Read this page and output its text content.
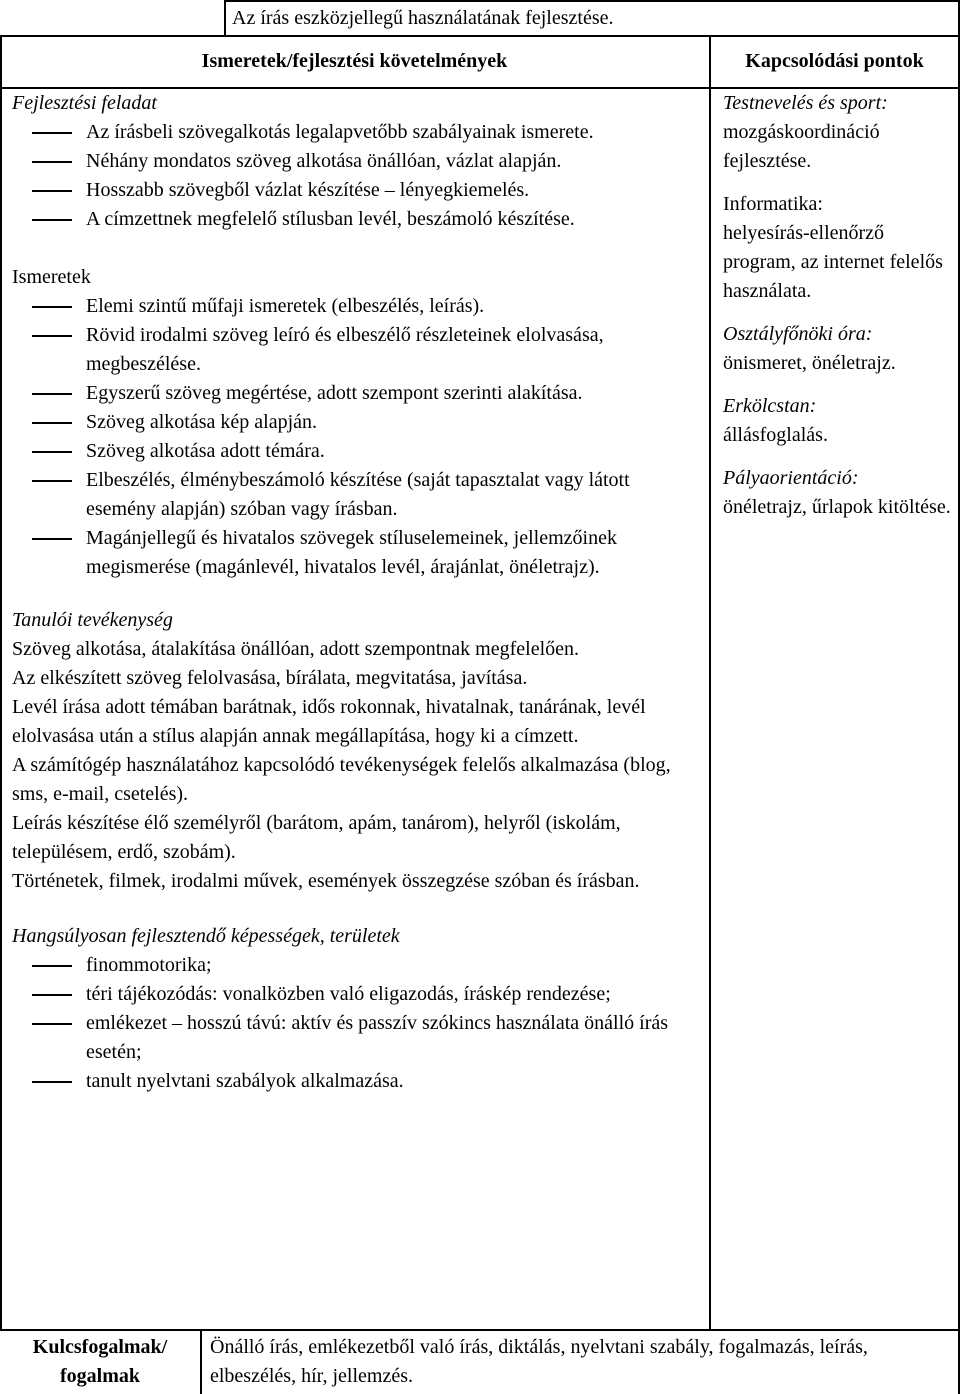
Az írás eszközjellegű használatának fejlesztése.
Ismeretek/fejlesztési követelmények	Kapcsolódási pontok
Fejlesztési feladat
Az írásbeli szövegalkotás legalapvetőbb szabályainak ismerete.
Néhány mondatos szöveg alkotása önállóan, vázlat alapján.
Hosszabb szövegből vázlat készítése – lényegkiemelés.
A címzettnek megfelelő stílusban levél, beszámoló készítése.
Ismeretek
Elemi szintű műfaji ismeretek (elbeszélés, leírás).
Rövid irodalmi szöveg leíró és elbeszélő részleteinek elolvasása, megbeszélése.
Egyszerű szöveg megértése, adott szempont szerinti alakítása.
Szöveg alkotása kép alapján.
Szöveg alkotása adott témára.
Elbeszélés, élménybeszámoló készítése (saját tapasztalat vagy látott esemény alapján) szóban vagy írásban.
Magánjellegű és hivatalos szövegek stíluselemeinek, jellemzőinek megismerése (magánlevél, hivatalos levél, árajánlat, önéletrajz).
Tanulói tevékenység

Szöveg alkotása, átalakítása önállóan, adott szempontnak megfelelően.

Az elkészített szöveg felolvasása, bírálata, megvitatása, javítása.

Levél írása adott témában barátnak, idős rokonnak, hivatalnak, tanárának, levél elolvasása után a stílus alapján annak megállapítása, hogy ki a címzett.

A számítógép használatához kapcsolódó tevékenységek felelős alkalmazása (blog, sms, e-mail, csetelés).

Leírás készítése élő személyről (barátom, apám, tanárom), helyről (iskolám, településem, erdő, szobám).

Történetek, filmek, irodalmi művek, események összegzése szóban és írásban.

Hangsúlyosan fejlesztendő képességek, területek
finommotorika;
téri tájékozódás: vonalközben való eligazodás, íráskép rendezése;
emlékezet – hosszú távú: aktív és passzív szókincs használata önálló írás esetén;
tanult nyelvtani szabályok alkalmazása.
Testnevelés és sport:
mozgáskoordináció fejlesztése.
Informatika:
helyesírás-ellenőrző program, az internet felelős használata.
Osztályfőnöki óra:
önismeret, önéletrajz.
Erkölcstan:
állásfoglalás.
Pályaorientáció:
önéletrajz, űrlapok kitöltése.
Kulcsfogalmak/
fogalmak
Önálló írás, emlékezetből való írás, diktálás, nyelvtani szabály, fogalmazás, leírás, elbeszélés, hír, jellemzés.
